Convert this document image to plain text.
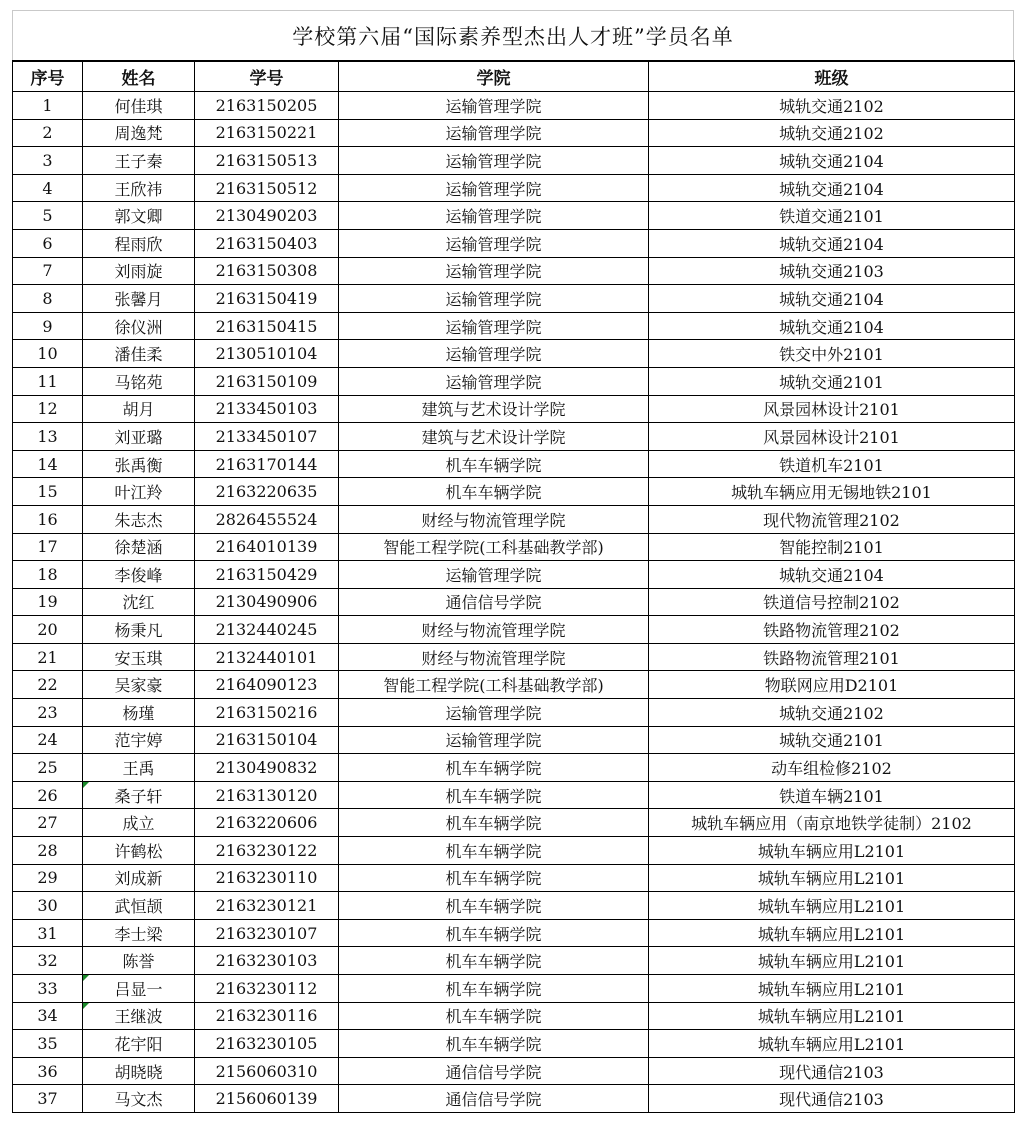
学校第六届“国际素养型杰出人才班”学员名单
序号	姓名	学号	学院	班级
1	何佳琪	2163150205	运输管理学院	城轨交通2102
2	周逸梵	2163150221	运输管理学院	城轨交通2102
3	王子秦	2163150513	运输管理学院	城轨交通2104
4	王欣祎	2163150512	运输管理学院	城轨交通2104
5	郭文卿	2130490203	运输管理学院	铁道交通2101
6	程雨欣	2163150403	运输管理学院	城轨交通2104
7	刘雨旋	2163150308	运输管理学院	城轨交通2103
8	张馨月	2163150419	运输管理学院	城轨交通2104
9	徐仪洲	2163150415	运输管理学院	城轨交通2104
10	潘佳柔	2130510104	运输管理学院	铁交中外2101
11	马铭苑	2163150109	运输管理学院	城轨交通2101
12	胡月	2133450103	建筑与艺术设计学院	风景园林设计2101
13	刘亚璐	2133450107	建筑与艺术设计学院	风景园林设计2101
14	张禹衡	2163170144	机车车辆学院	铁道机车2101
15	叶江羚	2163220635	机车车辆学院	城轨车辆应用无锡地铁2101
16	朱志杰	2826455524	财经与物流管理学院	现代物流管理2102
17	徐楚涵	2164010139	智能工程学院(工科基础教学部)	智能控制2101
18	李俊峰	2163150429	运输管理学院	城轨交通2104
19	沈红	2130490906	通信信号学院	铁道信号控制2102
20	杨秉凡	2132440245	财经与物流管理学院	铁路物流管理2102
21	安玉琪	2132440101	财经与物流管理学院	铁路物流管理2101
22	吴家豪	2164090123	智能工程学院(工科基础教学部)	物联网应用D2101
23	杨瑾	2163150216	运输管理学院	城轨交通2102
24	范宇婷	2163150104	运输管理学院	城轨交通2101
25	王禹	2130490832	机车车辆学院	动车组检修2102
26	桑子轩	2163130120	机车车辆学院	铁道车辆2101
27	成立	2163220606	机车车辆学院	城轨车辆应用（南京地铁学徒制）2102
28	许鹤松	2163230122	机车车辆学院	城轨车辆应用L2101
29	刘成新	2163230110	机车车辆学院	城轨车辆应用L2101
30	武恒颉	2163230121	机车车辆学院	城轨车辆应用L2101
31	李士梁	2163230107	机车车辆学院	城轨车辆应用L2101
32	陈誉	2163230103	机车车辆学院	城轨车辆应用L2101
33	吕显一	2163230112	机车车辆学院	城轨车辆应用L2101
34	王继波	2163230116	机车车辆学院	城轨车辆应用L2101
35	花宇阳	2163230105	机车车辆学院	城轨车辆应用L2101
36	胡晓晓	2156060310	通信信号学院	现代通信2103
37	马文杰	2156060139	通信信号学院	现代通信2103
